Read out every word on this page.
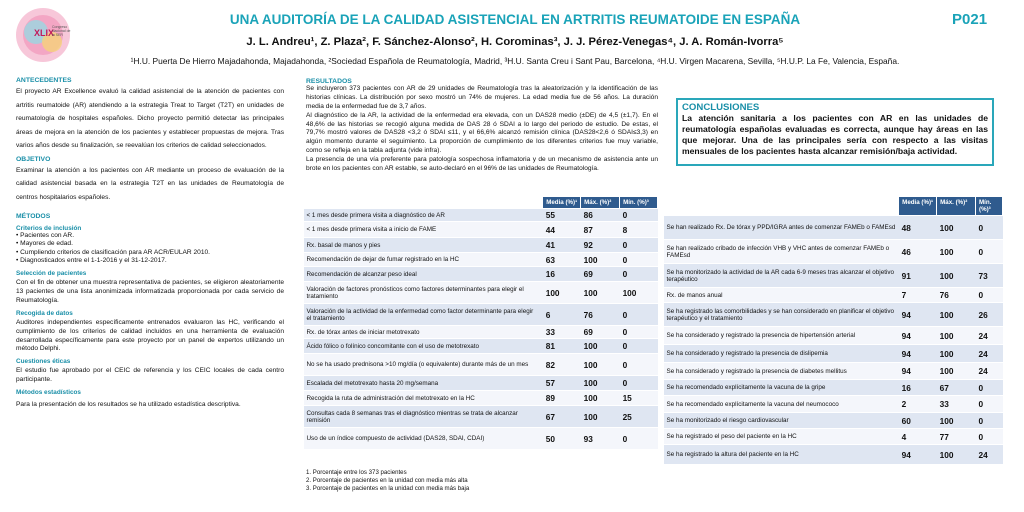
XLIX
Congreso Nacional de la SER
UNA AUDITORÍA DE LA CALIDAD ASISTENCIAL EN ARTRITIS REUMATOIDE EN ESPAÑA	P021
J. L. Andreu¹, Z. Plaza², F. Sánchez-Alonso², H. Corominas³, J. J. Pérez-Venegas⁴, J. A. Román-Ivorra⁵
¹H.U. Puerta De Hierro Majadahonda, Majadahonda, ²Sociedad Española de Reumatología, Madrid, ³H.U. Santa Creu i Sant Pau, Barcelona, ⁴H.U. Virgen Macarena, Sevilla, ⁵H.U.P. La Fe, Valencia, España.
ANTECEDENTES
El proyecto AR Excellence evaluó la calidad asistencial de la atención de pacientes con artritis reumatoide (AR) atendiendo a la estrategia Treat to Target (T2T) en unidades de reumatología de hospitales españoles. Dicho proyecto permitió detectar las principales áreas de mejora en la atención de los pacientes y establecer propuestas de mejora. Tras varios años desde su finalización, se reevalúan los criterios de calidad seleccionados.
OBJETIVO
Examinar la atención a los pacientes con AR mediante un proceso de evaluación de la calidad asistencial basada en la estrategia T2T en las unidades de Reumatología de centros hospitalarios españoles.
MÉTODOS
Criterios de inclusión
• Pacientes con AR.
• Mayores de edad.
• Cumpliendo criterios de clasificación para AR ACR/EULAR 2010.
• Diagnosticados entre el 1-1-2016 y el 31-12-2017.
Selección de pacientes
Con el fin de obtener una muestra representativa de pacientes, se eligieron aleatoriamente 13 pacientes de una lista anonimizada informatizada proporcionada por cada servicio de Reumatología.
Recogida de datos
Auditores independientes específicamente entrenados evaluaron las HC, verificando el cumplimiento de los criterios de calidad incluidos en una herramienta de evaluación desarrollada específicamente para este proyecto por un panel de expertos utilizando un método Delphi.
Cuestiones éticas
El estudio fue aprobado por el CEIC de referencia y los CEIC locales de cada centro participante.
Métodos estadísticos
Para la presentación de los resultados se ha utilizado estadística descriptiva.
RESULTADOS
Se incluyeron 373 pacientes con AR de 29 unidades de Reumatología tras la aleatorización y la identificación de las historias clínicas. La distribución por sexo mostró un 74% de mujeres. La edad media fue de 56 años. La duración media de la enfermedad fue de 3,7 años.
Al diagnóstico de la AR, la actividad de la enfermedad era elevada, con un DAS28 medio (±DE) de 4,5 (±1,7). En el 48,6% de las historias se recogió alguna medida de DAS 28 ó SDAI a lo largo del periodo de estudio. De estas, el 79,7% mostró valores de DAS28 <3,2 ó SDAI ≤11, y el 66,6% alcanzó remisión clínica (DAS28<2,6 ó SDAI≤3,3) en algún momento durante el seguimiento. La proporción de cumplimiento de los diferentes criterios fue muy variable, como se refleja en la tabla adjunta (vide infra).
La presencia de una vía preferente para patología sospechosa inflamatoria y de un mecanismo de asistencia ante un brote en los pacientes con AR estable, se auto-declaró en el 96% de las unidades de Reumatología.
CONCLUSIONES
La atención sanitaria a los pacientes con AR en las unidades de reumatología españolas evaluadas es correcta, aunque hay áreas en las que mejorar. Una de las principales sería con respecto a las visitas mensuales de los pacientes hasta alcanzar remisión/baja actividad.
	Media (%)¹	Máx. (%)²	Mín. (%)³
< 1 mes desde primera visita a diagnóstico de AR	55	86	0
< 1 mes desde primera visita a inicio de FAME	44	87	8
Rx. basal de manos y pies	41	92	0
Recomendación de dejar de fumar registrado en la HC	63	100	0
Recomendación de alcanzar peso ideal	16	69	0
Valoración de factores pronósticos como factores determinantes para elegir el tratamiento	100	100	100
Valoración de la actividad de la enfermedad como factor determinante para elegir el tratamiento	6	76	0
Rx. de tórax antes de iniciar metotrexato	33	69	0
Ácido fólico o folínico concomitante con el uso de metotrexato	81	100	0
No se ha usado prednisona >10 mg/día (o equivalente) durante más de un mes	82	100	0
Escalada del metotrexato hasta 20 mg/semana	57	100	0
Recogida la ruta de administración del metotrexato en la HC	89	100	15
Consultas cada 8 semanas tras el diagnóstico mientras se trata de alcanzar remisión	67	100	25
Uso de un índice compuesto de actividad (DAS28, SDAI, CDAI)	50	93	0
	Media (%)¹	Máx. (%)²	Mín. (%)³
Se han realizado Rx. De tórax y PPD/IGRA antes de comenzar FAMEb o FAMEsd	48	100	0
Se han realizado cribado de infección VHB y VHC antes de comenzar FAMEb o FAMEsd	46	100	0
Se ha monitorizado la actividad de la AR cada 6-9 meses tras alcanzar el objetivo terapéutico	91	100	73
Rx. de manos anual	7	76	0
Se ha registrado las comorbilidades y se han considerado en planificar el objetivo terapéutico y el tratamiento	94	100	26
Se ha considerado y registrado la presencia de hipertensión arterial	94	100	24
Se ha considerado y registrado la presencia de dislipemia	94	100	24
Se ha considerado y registrado la presencia de diabetes mellitus	94	100	24
Se ha recomendado explícitamente la vacuna de la gripe	16	67	0
Se ha recomendado explícitamente la vacuna del neumococo	2	33	0
Se ha monitorizado el riesgo cardiovascular	60	100	0
Se ha registrado el peso del paciente en la HC	4	77	0
Se ha registrado la altura del paciente en la HC	94	100	24
1. Porcentaje entre los 373 pacientes
2. Porcentaje de pacientes en la unidad con media más alta
3. Porcentaje de pacientes en la unidad con media más baja
